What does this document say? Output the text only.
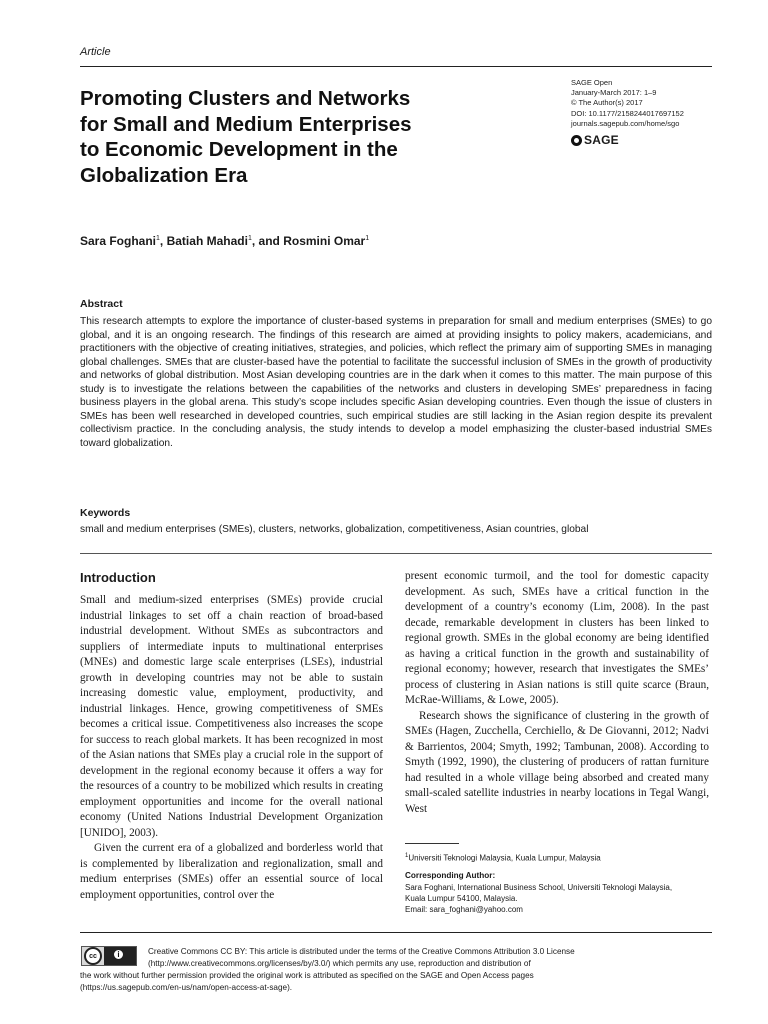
Article
Promoting Clusters and Networks
for Small and Medium Enterprises
to Economic Development in the
Globalization Era
SAGE Open
January-March 2017: 1–9
© The Author(s) 2017
DOI: 10.1177/2158244017697152
journals.sagepub.com/home/sgo
SAGE
Sara Foghani$^1$, Batiah Mahadi$^1$, and Rosmini Omar$^1$
Abstract

This research attempts to explore the importance of cluster-based systems in preparation for small and medium enterprises (SMEs) to go global, and it is an ongoing research. The findings of this research are aimed at providing insights to policy makers, academicians, and practitioners with the objective of creating initiatives, strategies, and policies, which reflect the primary aim of supporting SMEs in managing global challenges. SMEs that are cluster-based have the potential to facilitate the successful inclusion of SMEs in the growth of productivity and networks of global distribution. Most Asian developing countries are in the dark when it comes to this matter. The main purpose of this study is to investigate the relations between the capabilities of the networks and clusters in developing SMEs’ preparedness in facing business players in the global arena. This study’s scope includes specific Asian developing countries. Even though the issue of clusters in SMEs has been well researched in developed countries, such empirical studies are still lacking in the Asian region despite its prevalent collectivism practice. In the concluding analysis, the study intends to develop a model emphasizing the cluster-based industrial SMEs toward globalization.

Keywords

small and medium enterprises (SMEs), clusters, networks, globalization, competitiveness, Asian countries, global

Introduction

Small and medium-sized enterprises (SMEs) provide crucial industrial linkages to set off a chain reaction of broad-based industrial development. Without SMEs as subcontractors and suppliers of intermediate inputs to multinational enterprises (MNEs) and domestic large scale enterprises (LSEs), industrial growth in developing countries may not be able to sustain increasing domestic value, employment, productivity, and industrial linkages. Hence, growing competitiveness of SMEs becomes a critical issue. Competitiveness also increases the scope for success to reach global markets. It has been recognized in most of the Asian nations that SMEs play a crucial role in the support of development in the regional economy because it offers a way for the resources of a country to be mobilized which results in creating employment opportunities and income for the overall national economy (United Nations Industrial Development Organization [UNIDO], 2003).

Given the current era of a globalized and borderless world that is complemented by liberalization and regionalization, small and medium enterprises (SMEs) offer an essential source of local employment opportunities, control over the

present economic turmoil, and the tool for domestic capacity development. As such, SMEs have a critical function in the development of a country’s economy (Lim, 2008). In the past decade, remarkable development in clusters has been linked to regional growth. SMEs in the global economy are being identified as having a critical function in the growth and sustainability of regional economy; however, research that investigates the SMEs’ process of clustering in Asian nations is still quite scarce (Braun, McRae-Williams, & Lowe, 2005).

Research shows the significance of clustering in the growth of SMEs (Hagen, Zucchella, Cerchiello, & De Giovanni, 2012; Nadvi & Barrientos, 2004; Smyth, 1992; Tambunan, 2008). According to Smyth (1992, 1990), the clustering of producers of rattan furniture had resulted in a whole village being absorbed and created many small-scaled satellite industries in nearby locations in Tegal Wangi, West

$^1$Universiti Teknologi Malaysia, Kuala Lumpur, Malaysia
Corresponding Author:
Sara Foghani, International Business School, Universiti Teknologi Malaysia,
Kuala Lumpur 54100, Malaysia.
Email: sara_foghani@yahoo.com
cc	i	Creative Commons CC BY: This article is distributed under the terms of the Creative Commons Attribution 3.0 License
(http://www.creativecommons.org/licenses/by/3.0/) which permits any use, reproduction and distribution of
the work without further permission provided the original work is attributed as specified on the SAGE and Open Access pages
(https://us.sagepub.com/en-us/nam/open-access-at-sage).
